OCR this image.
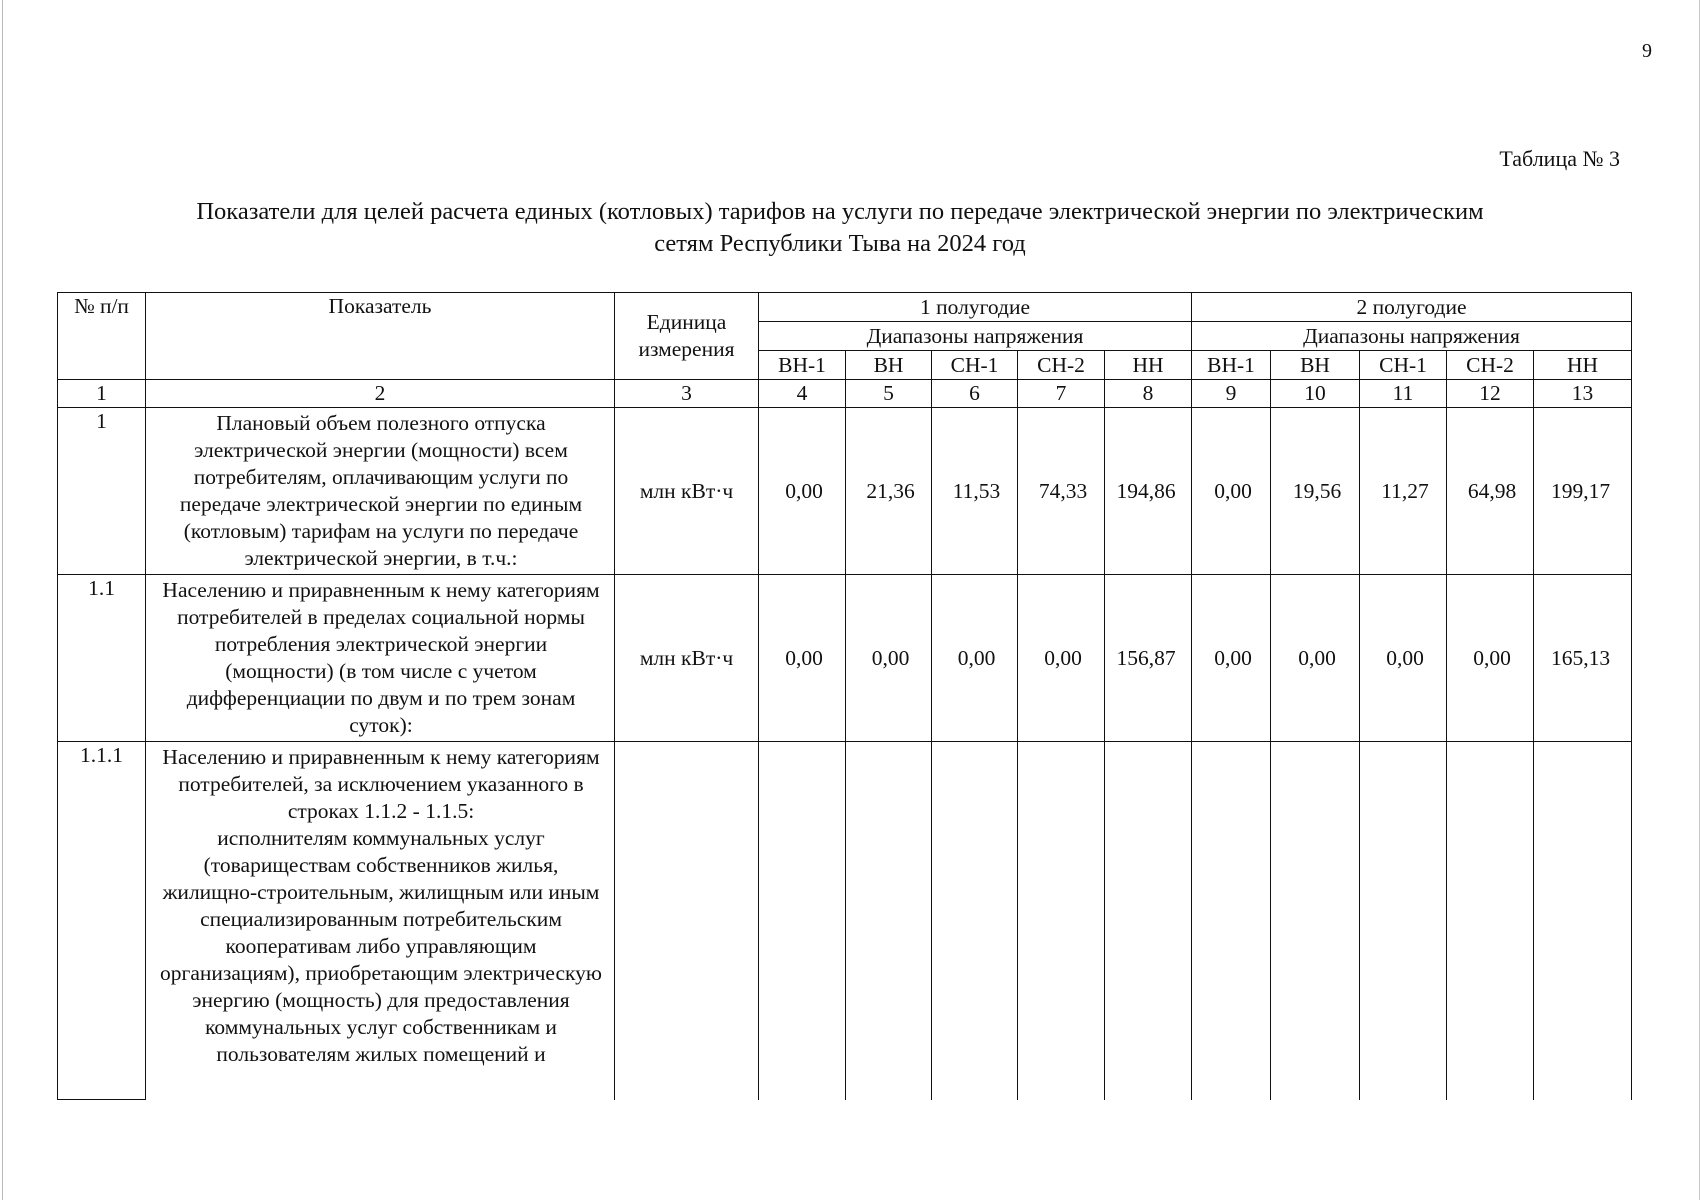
9
Таблица № 3
Показатели для целей расчета единых (котловых) тарифов на услуги по передаче электрической энергии по электрическим
сетям Республики Тыва на 2024 год
№ п/п	Показатель	Единица измерения	1 полугодие					2 полугодие				
			Диапазоны напряжения					Диапазоны напряжения				
			ВН-1	ВН	СН-1	СН-2	НН	ВН-1	ВН	СН-1	СН-2	НН
1	2	3	4	5	6	7	8	9	10	11	12	13
1	Плановый объем полезного отпуска электрической энергии (мощности) всем потребителям, оплачивающим услуги по передаче электрической энергии по единым (котловым) тарифам на услуги по передаче электрической энергии, в т.ч.:	млн кВт·ч	0,00	21,36	11,53	74,33	194,86	0,00	19,56	11,27	64,98	199,17
1.1	Населению и приравненным к нему категориям потребителей в пределах социальной нормы потребления электрической энергии (мощности) (в том числе с учетом дифференциации по двум и по трем зонам суток):	млн кВт·ч	0,00	0,00	0,00	0,00	156,87	0,00	0,00	0,00	0,00	165,13
1.1.1	Населению и приравненным к нему категориям потребителей, за исключением указанного в строках 1.1.2 - 1.1.5:

исполнителям коммунальных услуг (товариществам собственников жилья, жилищно-строительным, жилищным или иным специализированным потребительским кооперативам либо управляющим организациям), приобретающим электрическую энергию (мощность) для предоставления коммунальных услуг собственникам и пользователям жилых помещений и											
